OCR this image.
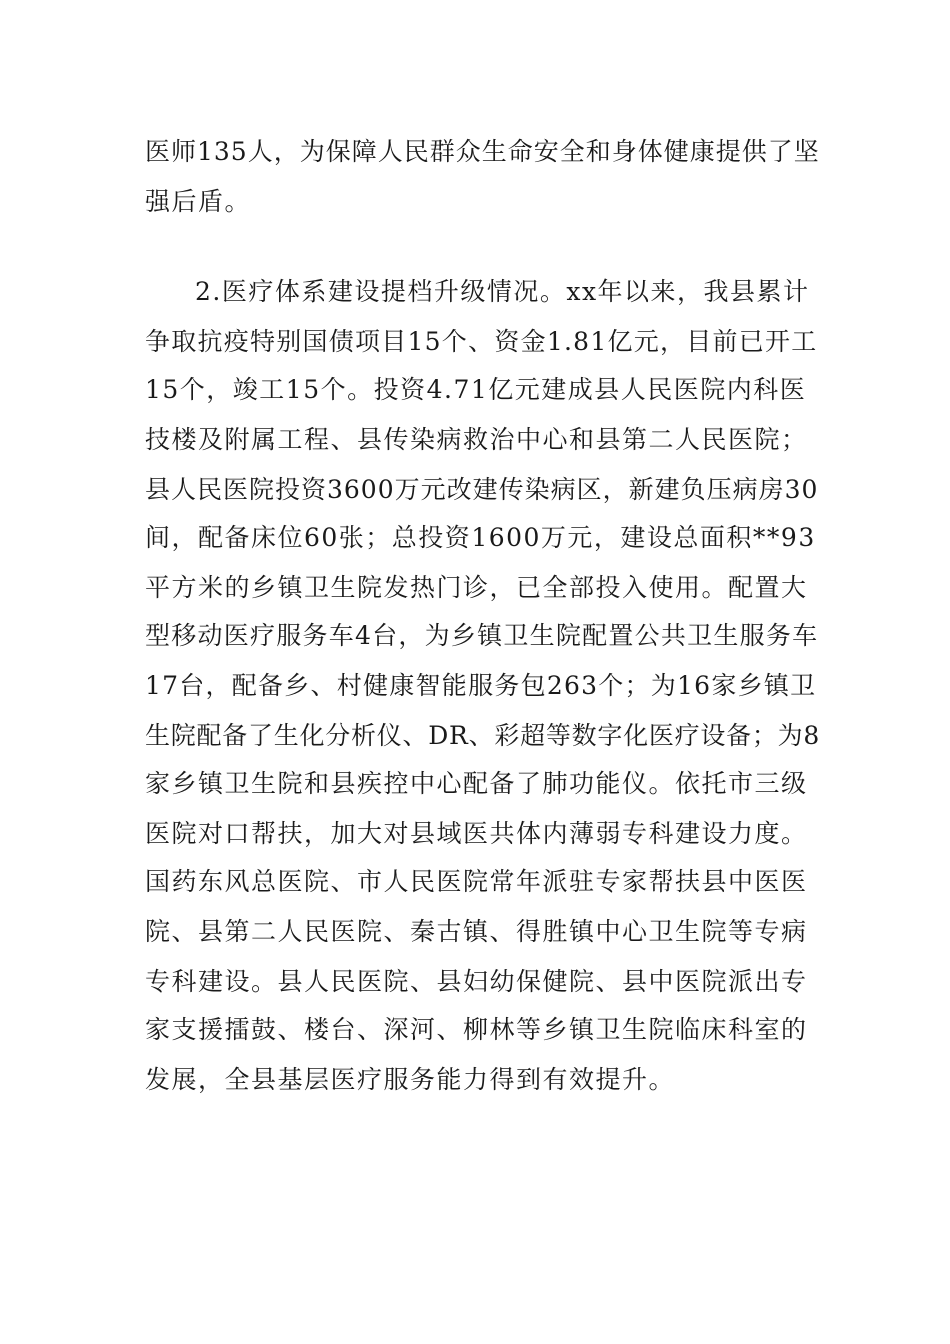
医师135人，为保障人民群众生命安全和身体健康提供了坚
强后盾。
2.医疗体系建设提档升级情况。xx年以来，我县累计
争取抗疫特别国债项目15个、资金1.81亿元，目前已开工
15个，竣工15个。投资4.71亿元建成县人民医院内科医
技楼及附属工程、县传染病救治中心和县第二人民医院；
县人民医院投资3600万元改建传染病区，新建负压病房30
间，配备床位60张；总投资1600万元，建设总面积**93
平方米的乡镇卫生院发热门诊，已全部投入使用。配置大
型移动医疗服务车4台，为乡镇卫生院配置公共卫生服务车
17台，配备乡、村健康智能服务包263个；为16家乡镇卫
生院配备了生化分析仪、DR、彩超等数字化医疗设备；为8
家乡镇卫生院和县疾控中心配备了肺功能仪。依托市三级
医院对口帮扶，加大对县域医共体内薄弱专科建设力度。
国药东风总医院、市人民医院常年派驻专家帮扶县中医医
院、县第二人民医院、秦古镇、得胜镇中心卫生院等专病
专科建设。县人民医院、县妇幼保健院、县中医院派出专
家支援擂鼓、楼台、深河、柳林等乡镇卫生院临床科室的
发展，全县基层医疗服务能力得到有效提升。
